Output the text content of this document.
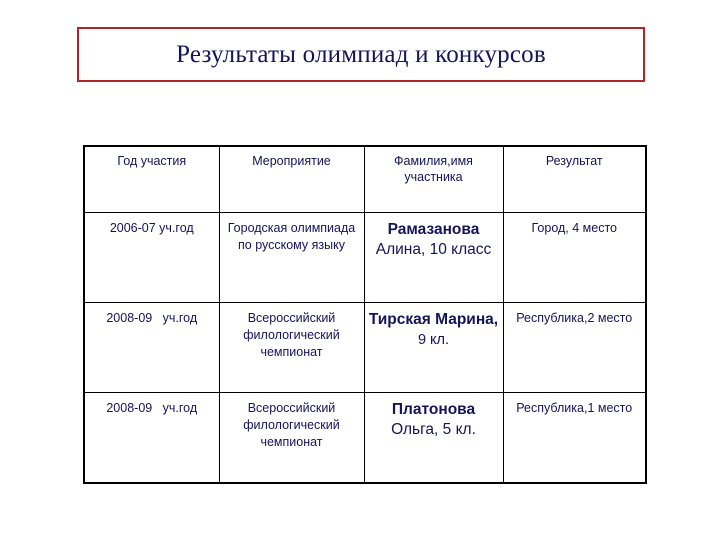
Результаты олимпиад и конкурсов
Год участия	Мероприятие	Фамилия,имя участника	Результат
2006-07 уч.год	Городская олимпиада по русскому языку	Рамазанова Алина, 10 класс	Город, 4 место
2008-09   уч.год	Всероссийский филологический чемпионат	Тирская Марина, 9 кл.	Республика,2 место
2008-09   уч.год	Всероссийский филологический чемпионат	Платонова Ольга, 5 кл.	Республика,1 место
